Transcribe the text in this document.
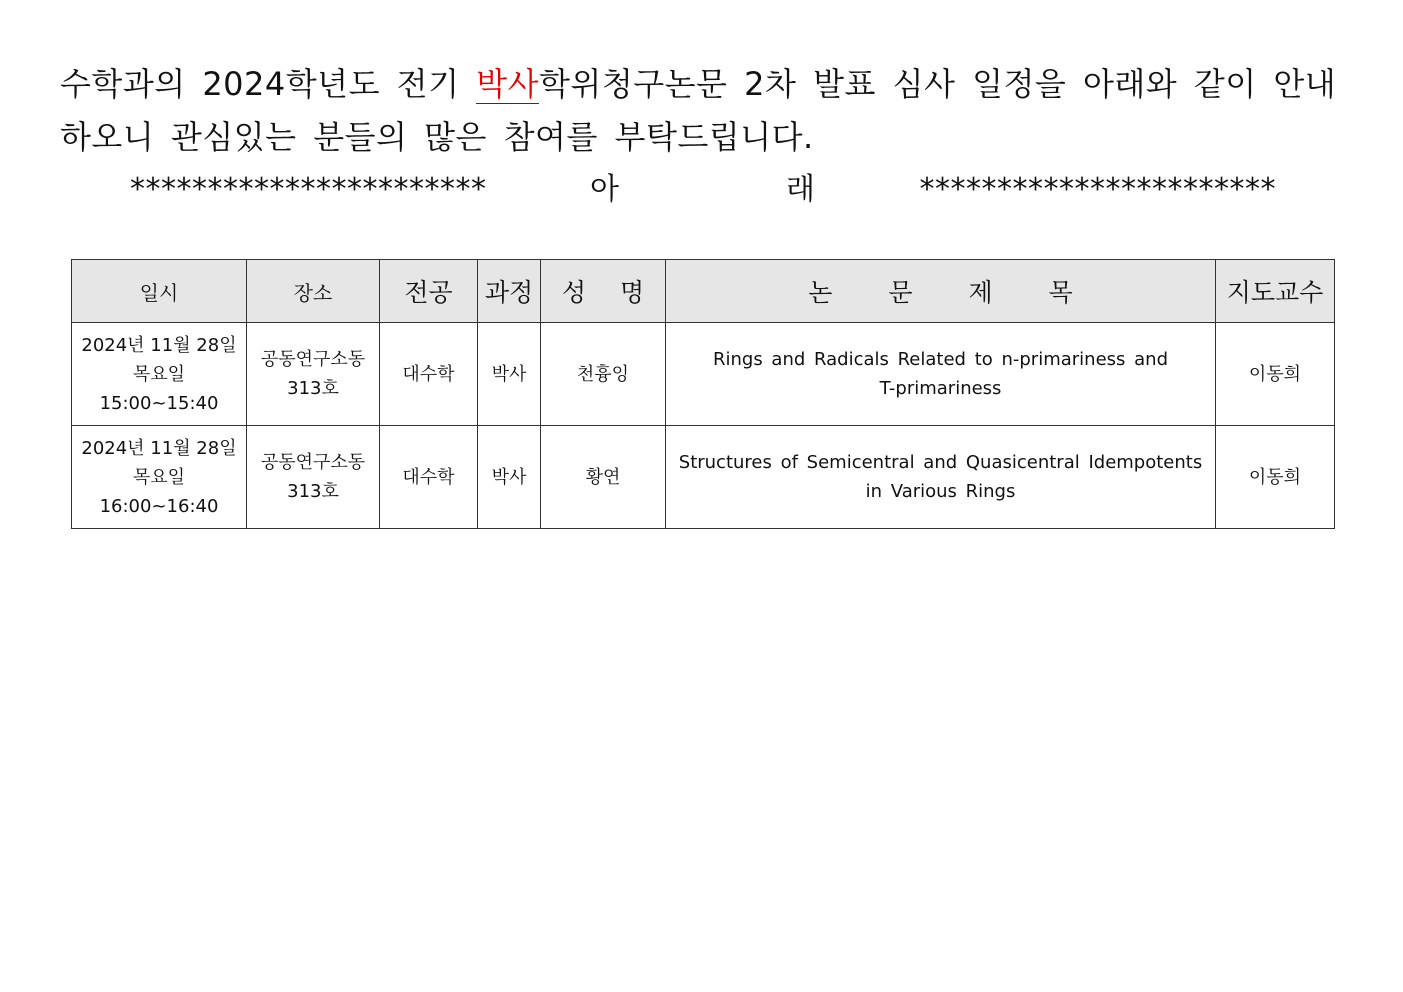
수학과의 2024학년도 전기 박사학위청구논문 2차 발표 심사 일정을 아래와 같이 안내하오니 관심있는 분들의 많은 참여를 부탁드립니다.
***********************	아	래	***********************
일시	장소	전공	과정	성 명	논 문 제 목	지도교수

2024년 11월 28일
목요일
15:00~15:40	공동연구소동
313호	대수학	박사	천흉잉	Rings and Radicals Related to n-primariness and T-primariness	이동희

2024년 11월 28일
목요일
16:00~16:40	공동연구소동
313호	대수학	박사	황연	Structures of Semicentral and Quasicentral Idempotents in Various Rings	이동희
